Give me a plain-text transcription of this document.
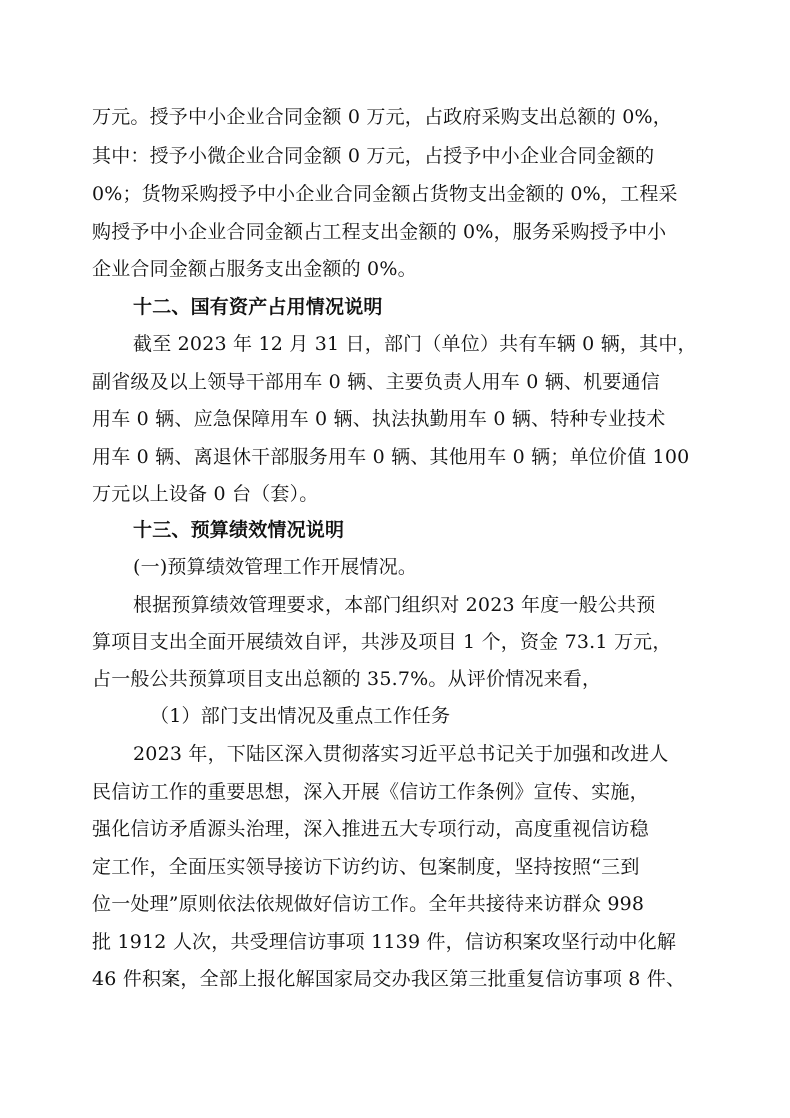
万元。授予中小企业合同金额 0 万元，占政府采购支出总额的 0%，
其中：授予小微企业合同金额 0 万元，占授予中小企业合同金额的
0%；货物采购授予中小企业合同金额占货物支出金额的 0%，工程采
购授予中小企业合同金额占工程支出金额的 0%，服务采购授予中小
企业合同金额占服务支出金额的 0%。
十二、国有资产占用情况说明
截至 2023 年 12 月 31 日，部门（单位）共有车辆 0 辆，其中，
副省级及以上领导干部用车 0 辆、主要负责人用车 0 辆、机要通信
用车 0 辆、应急保障用车 0 辆、执法执勤用车 0 辆、特种专业技术
用车 0 辆、离退休干部服务用车 0 辆、其他用车 0 辆；单位价值 100
万元以上设备 0 台（套）。
十三、预算绩效情况说明
(一)预算绩效管理工作开展情况。
根据预算绩效管理要求，本部门组织对 2023 年度一般公共预
算项目支出全面开展绩效自评，共涉及项目 1 个，资金 73.1 万元，
占一般公共预算项目支出总额的 35.7%。从评价情况来看，
（1）部门支出情况及重点工作任务
2023 年，下陆区深入贯彻落实习近平总书记关于加强和改进人
民信访工作的重要思想，深入开展《信访工作条例》宣传、实施，
强化信访矛盾源头治理，深入推进五大专项行动，高度重视信访稳
定工作，全面压实领导接访下访约访、包案制度，坚持按照“三到
位一处理”原则依法依规做好信访工作。全年共接待来访群众 998
批 1912 人次，共受理信访事项 1139 件，信访积案攻坚行动中化解
46 件积案，全部上报化解国家局交办我区第三批重复信访事项 8 件、
